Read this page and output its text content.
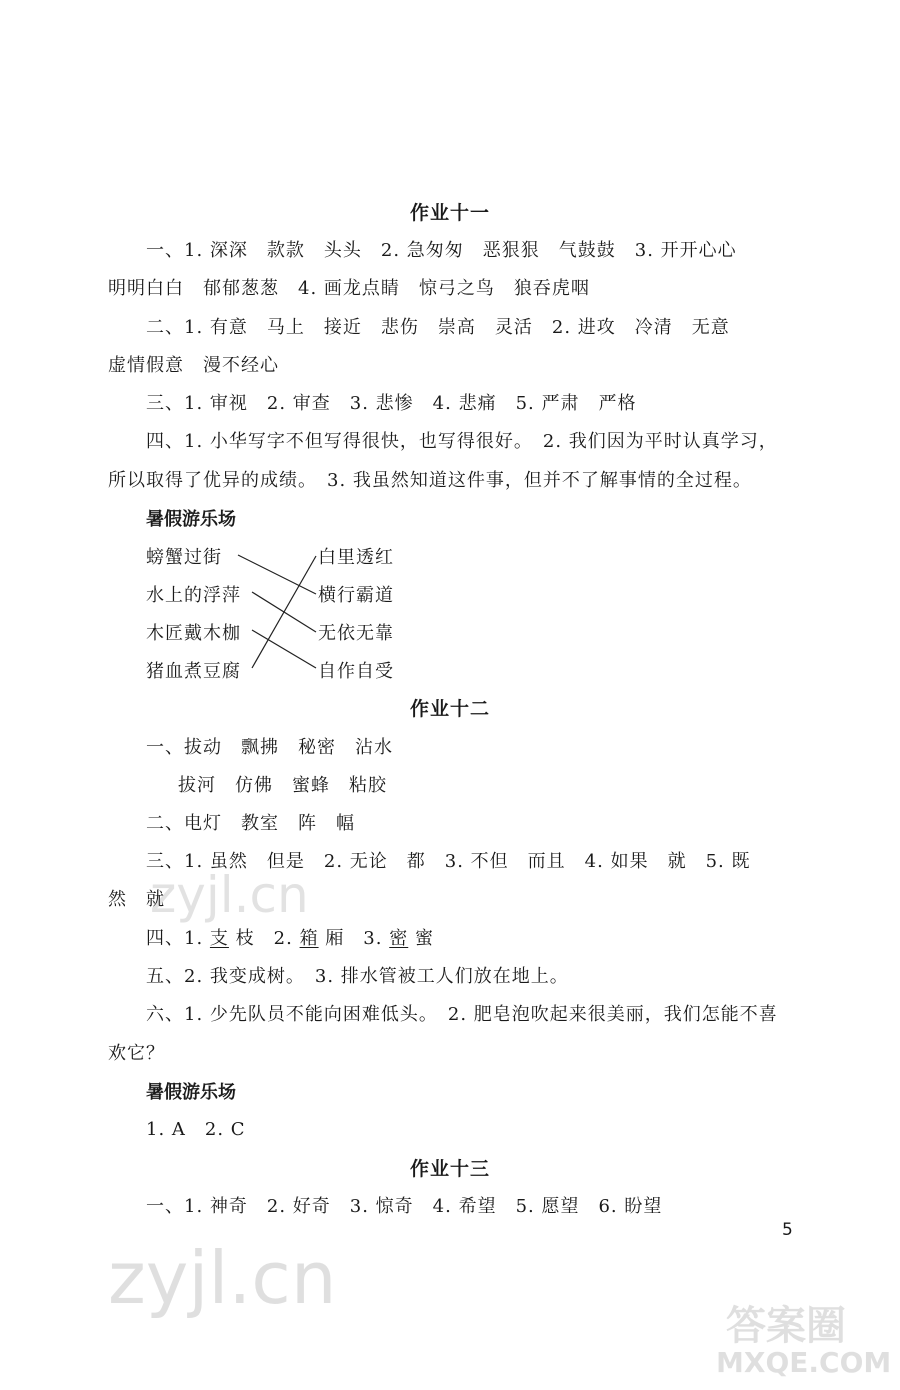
作业十一
一、1. 深深　款款　头头　2. 急匆匆　恶狠狠　气鼓鼓　3. 开开心心
明明白白　郁郁葱葱　4. 画龙点睛　惊弓之鸟　狼吞虎咽
二、1. 有意　马上　接近　悲伤　崇高　灵活　2. 进攻　冷清　无意
虚情假意　漫不经心
三、1. 审视　2. 审查　3. 悲惨　4. 悲痛　5. 严肃　严格
四、1. 小华写字不但写得很快，也写得很好。　2. 我们因为平时认真学习，
所以取得了优异的成绩。　3. 我虽然知道这件事，但并不了解事情的全过程。
暑假游乐场
螃蟹过街
水上的浮萍
木匠戴木枷
猪血煮豆腐
白里透红
横行霸道
无依无靠
自作自受
作业十二
一、拔动　飘拂　秘密　沾水
拔河　仿佛　蜜蜂　粘胶
二、电灯　教室　阵　幅
三、1. 虽然　但是　2. 无论　都　3. 不但　而且　4. 如果　就　5. 既
然　就
四、1. 支 枝　2. 箱 厢　3. 密 蜜
五、2. 我变成树。　3. 排水管被工人们放在地上。
六、1. 少先队员不能向困难低头。　2. 肥皂泡吹起来很美丽，我们怎能不喜
欢它？
暑假游乐场
1. A　2. C
作业十三
一、1. 神奇　2. 好奇　3. 惊奇　4. 希望　5. 愿望　6. 盼望
5
zyjl.cn
zyjl.cn
答案圈
MXQE.COM
